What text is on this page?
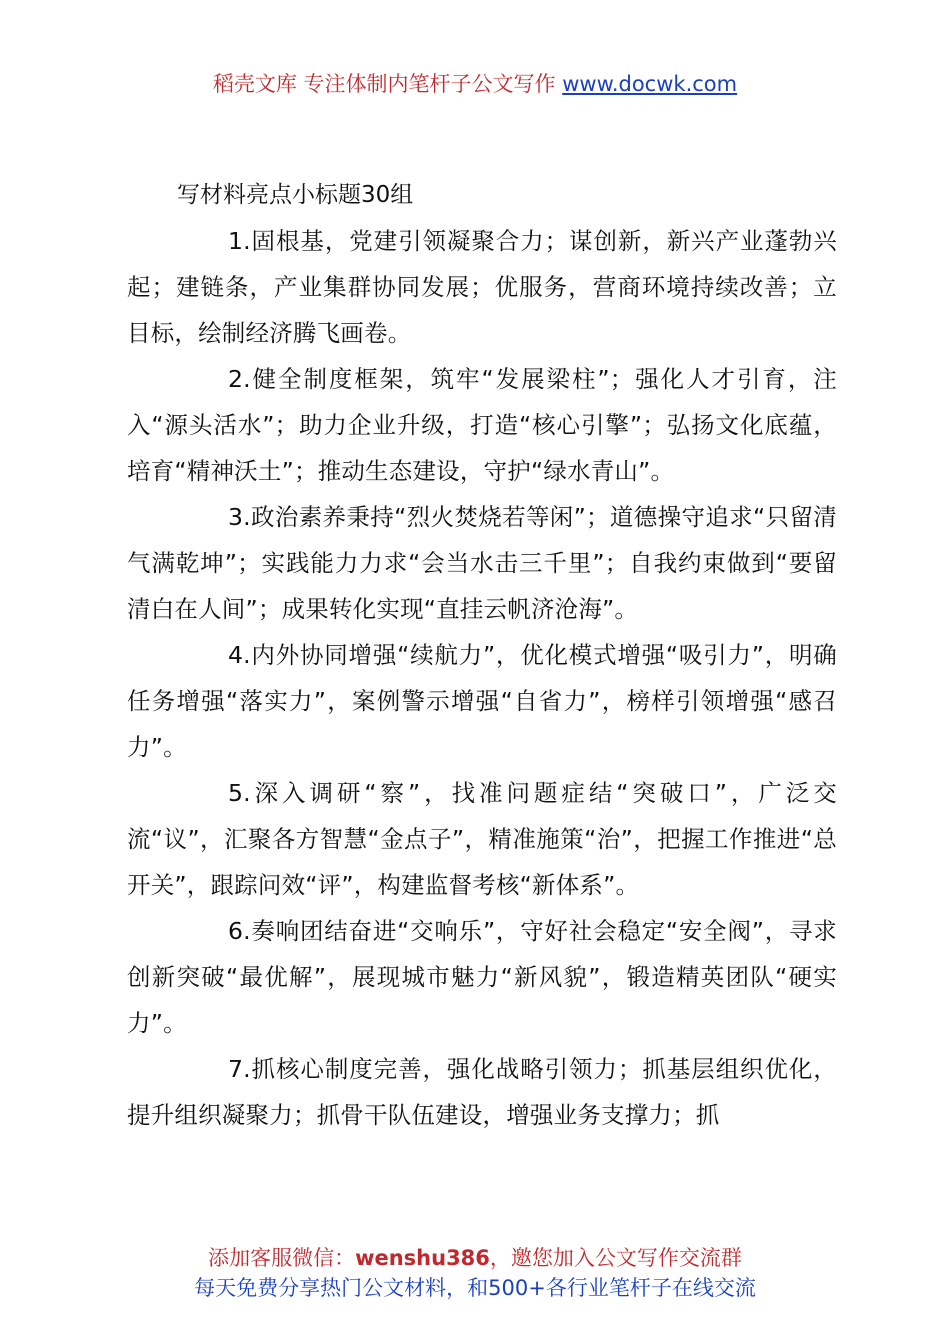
稻壳文库 专注体制内笔杆子公文写作 www.docwk.com

写材料亮点小标题30组

1.固根基，党建引领凝聚合力；谋创新，新兴产业蓬勃兴起；建链条，产业集群协同发展；优服务，营商环境持续改善；立目标，绘制经济腾飞画卷。

2.健全制度框架，筑牢“发展梁柱”；强化人才引育，注入“源头活水”；助力企业升级，打造“核心引擎”；弘扬文化底蕴，培育“精神沃土”；推动生态建设，守护“绿水青山”。

3.政治素养秉持“烈火焚烧若等闲”；道德操守追求“只留清气满乾坤”；实践能力力求“会当水击三千里”；自我约束做到“要留清白在人间”；成果转化实现“直挂云帆济沧海”。

4.内外协同增强“续航力”，优化模式增强“吸引力”，明确任务增强“落实力”，案例警示增强“自省力”，榜样引领增强“感召力”。

5.深入调研“察”，找准问题症结“突破口”，广泛交流“议”，汇聚各方智慧“金点子”，精准施策“治”，把握工作推进“总开关”，跟踪问效“评”，构建监督考核“新体系”。

6.奏响团结奋进“交响乐”，守好社会稳定“安全阀”，寻求创新突破“最优解”，展现城市魅力“新风貌”，锻造精英团队“硬实力”。

7.抓核心制度完善，强化战略引领力；抓基层组织优化，提升组织凝聚力；抓骨干队伍建设，增强业务支撑力；抓

添加客服微信：wenshu386，邀您加入公文写作交流群
每天免费分享热门公文材料，和500+各行业笔杆子在线交流
